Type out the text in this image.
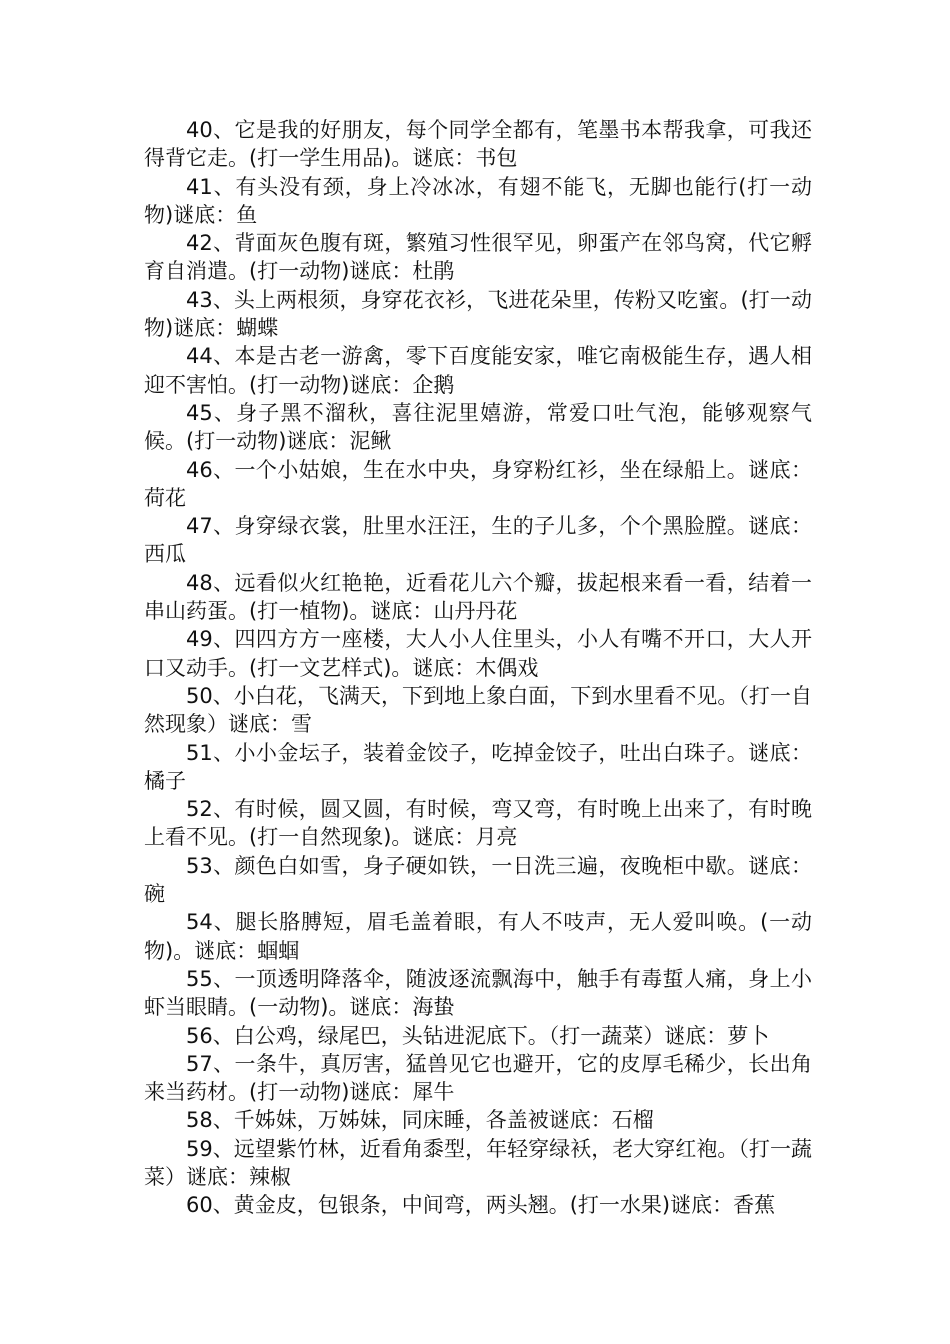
40、它是我的好朋友，每个同学全都有，笔墨书本帮我拿，可我还得背它走。(打一学生用品)。谜底：书包

41、有头没有颈，身上冷冰冰，有翅不能飞，无脚也能行(打一动物)谜底：鱼

42、背面灰色腹有斑，繁殖习性很罕见，卵蛋产在邻鸟窝，代它孵育自消遣。(打一动物)谜底：杜鹃

43、头上两根须，身穿花衣衫，飞进花朵里，传粉又吃蜜。(打一动物)谜底：蝴蝶

44、本是古老一游禽，零下百度能安家，唯它南极能生存，遇人相迎不害怕。(打一动物)谜底：企鹅

45、身子黑不溜秋，喜往泥里嬉游，常爱口吐气泡，能够观察气候。(打一动物)谜底：泥鳅

46、一个小姑娘，生在水中央，身穿粉红衫，坐在绿船上。谜底：荷花

47、身穿绿衣裳，肚里水汪汪，生的子儿多，个个黑脸膛。谜底：西瓜

48、远看似火红艳艳，近看花儿六个瓣，拔起根来看一看，结着一串山药蛋。(打一植物)。谜底：山丹丹花

49、四四方方一座楼，大人小人住里头，小人有嘴不开口，大人开口又动手。(打一文艺样式)。谜底：木偶戏

50、小白花，飞满天，下到地上象白面，下到水里看不见。（打一自然现象）谜底：雪

51、小小金坛子，装着金饺子，吃掉金饺子，吐出白珠子。谜底：橘子

52、有时候，圆又圆，有时候，弯又弯，有时晚上出来了，有时晚上看不见。(打一自然现象)。谜底：月亮

53、颜色白如雪，身子硬如铁，一日洗三遍，夜晚柜中歇。谜底：碗

54、腿长胳膊短，眉毛盖着眼，有人不吱声，无人爱叫唤。(一动物)。谜底：蝈蝈

55、一顶透明降落伞，随波逐流飘海中，触手有毒蜇人痛，身上小虾当眼睛。(一动物)。谜底：海蛰

56、白公鸡，绿尾巴，头钻进泥底下。（打一蔬菜）谜底：萝卜

57、一条牛，真厉害，猛兽见它也避开，它的皮厚毛稀少，长出角来当药材。(打一动物)谜底：犀牛

58、千姊妹，万姊妹，同床睡，各盖被谜底：石榴

59、远望紫竹林，近看角黍型，年轻穿绿袄，老大穿红袍。（打一蔬菜）谜底：辣椒

60、黄金皮，包银条，中间弯，两头翘。(打一水果)谜底：香蕉
